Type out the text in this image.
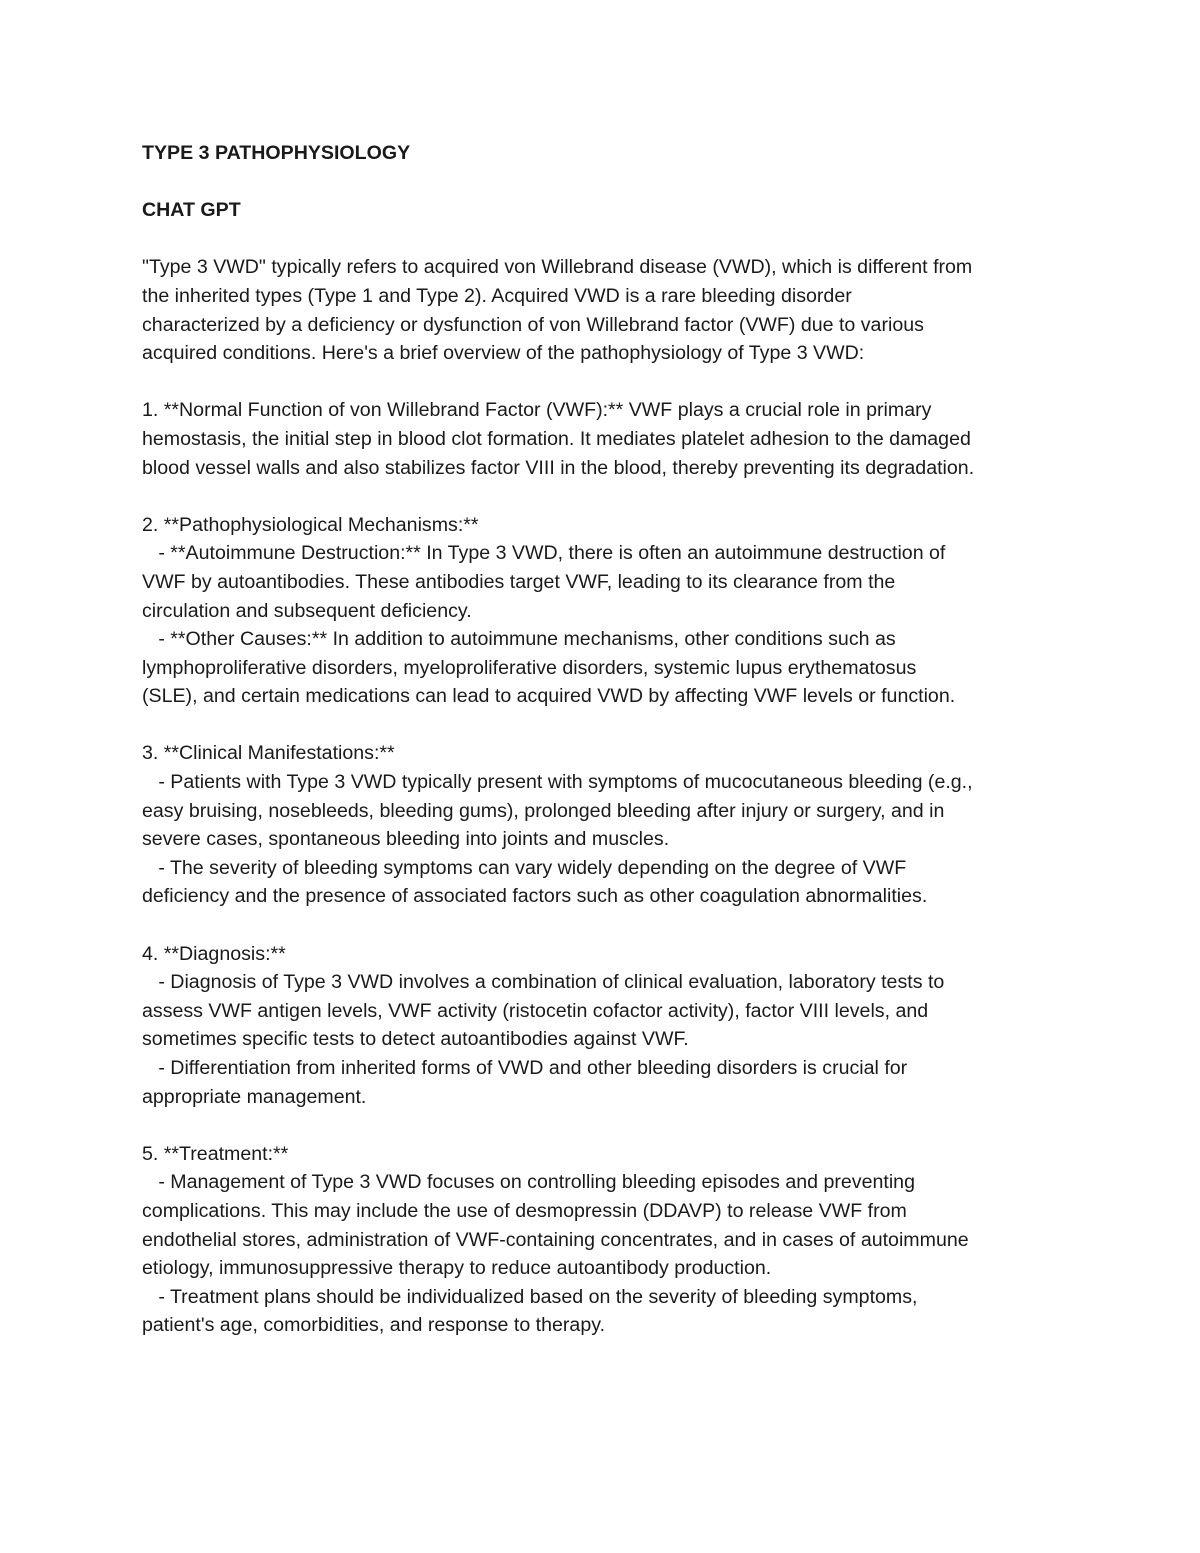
TYPE 3 PATHOPHYSIOLOGY
CHAT GPT
"Type 3 VWD" typically refers to acquired von Willebrand disease (VWD), which is different from
the inherited types (Type 1 and Type 2). Acquired VWD is a rare bleeding disorder
characterized by a deficiency or dysfunction of von Willebrand factor (VWF) due to various
acquired conditions. Here's a brief overview of the pathophysiology of Type 3 VWD:
1. **Normal Function of von Willebrand Factor (VWF):** VWF plays a crucial role in primary
hemostasis, the initial step in blood clot formation. It mediates platelet adhesion to the damaged
blood vessel walls and also stabilizes factor VIII in the blood, thereby preventing its degradation.
2. **Pathophysiological Mechanisms:**
- **Autoimmune Destruction:** In Type 3 VWD, there is often an autoimmune destruction of
VWF by autoantibodies. These antibodies target VWF, leading to its clearance from the
circulation and subsequent deficiency.
- **Other Causes:** In addition to autoimmune mechanisms, other conditions such as
lymphoproliferative disorders, myeloproliferative disorders, systemic lupus erythematosus
(SLE), and certain medications can lead to acquired VWD by affecting VWF levels or function.
3. **Clinical Manifestations:**
- Patients with Type 3 VWD typically present with symptoms of mucocutaneous bleeding (e.g.,
easy bruising, nosebleeds, bleeding gums), prolonged bleeding after injury or surgery, and in
severe cases, spontaneous bleeding into joints and muscles.
- The severity of bleeding symptoms can vary widely depending on the degree of VWF
deficiency and the presence of associated factors such as other coagulation abnormalities.
4. **Diagnosis:**
- Diagnosis of Type 3 VWD involves a combination of clinical evaluation, laboratory tests to
assess VWF antigen levels, VWF activity (ristocetin cofactor activity), factor VIII levels, and
sometimes specific tests to detect autoantibodies against VWF.
- Differentiation from inherited forms of VWD and other bleeding disorders is crucial for
appropriate management.
5. **Treatment:**
- Management of Type 3 VWD focuses on controlling bleeding episodes and preventing
complications. This may include the use of desmopressin (DDAVP) to release VWF from
endothelial stores, administration of VWF-containing concentrates, and in cases of autoimmune
etiology, immunosuppressive therapy to reduce autoantibody production.
- Treatment plans should be individualized based on the severity of bleeding symptoms,
patient's age, comorbidities, and response to therapy.
